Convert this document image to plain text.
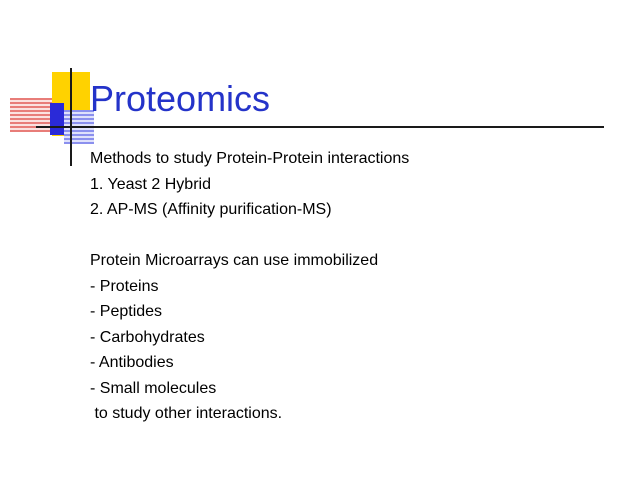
Proteomics
Methods to study Protein-Protein interactions
1. Yeast 2 Hybrid
2. AP-MS (Affinity purification-MS)
Protein Microarrays can use immobilized
- Proteins
- Peptides
- Carbohydrates
- Antibodies
- Small molecules
to study other interactions.
